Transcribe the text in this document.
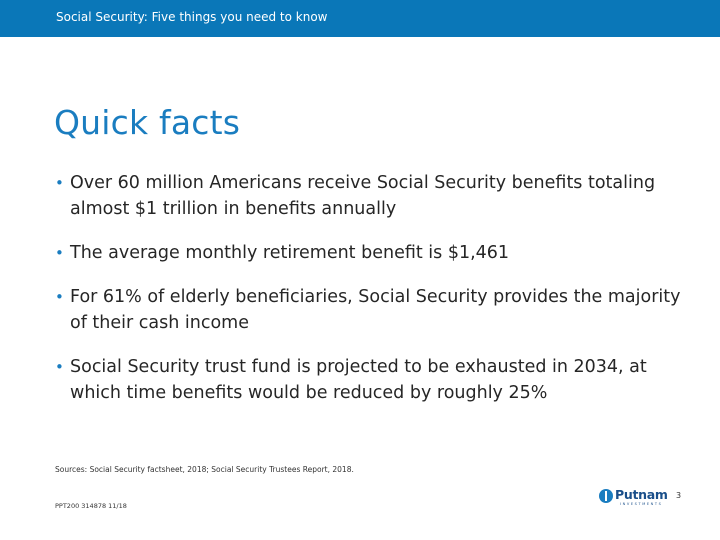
Social Security: Five things you need to know
Quick facts
• Over 60 million Americans receive Social Security benefits totaling almost $1 trillion in benefits annually
• The average monthly retirement benefit is $1,461
• For 61% of elderly beneficiaries, Social Security provides the majority of their cash income
• Social Security trust fund is projected to be exhausted in 2034, at which time benefits would be reduced by roughly 25%
Sources: Social Security factsheet, 2018; Social Security Trustees Report, 2018.
PPT200 314878 11/18
Putnam
INVESTMENTS
3
